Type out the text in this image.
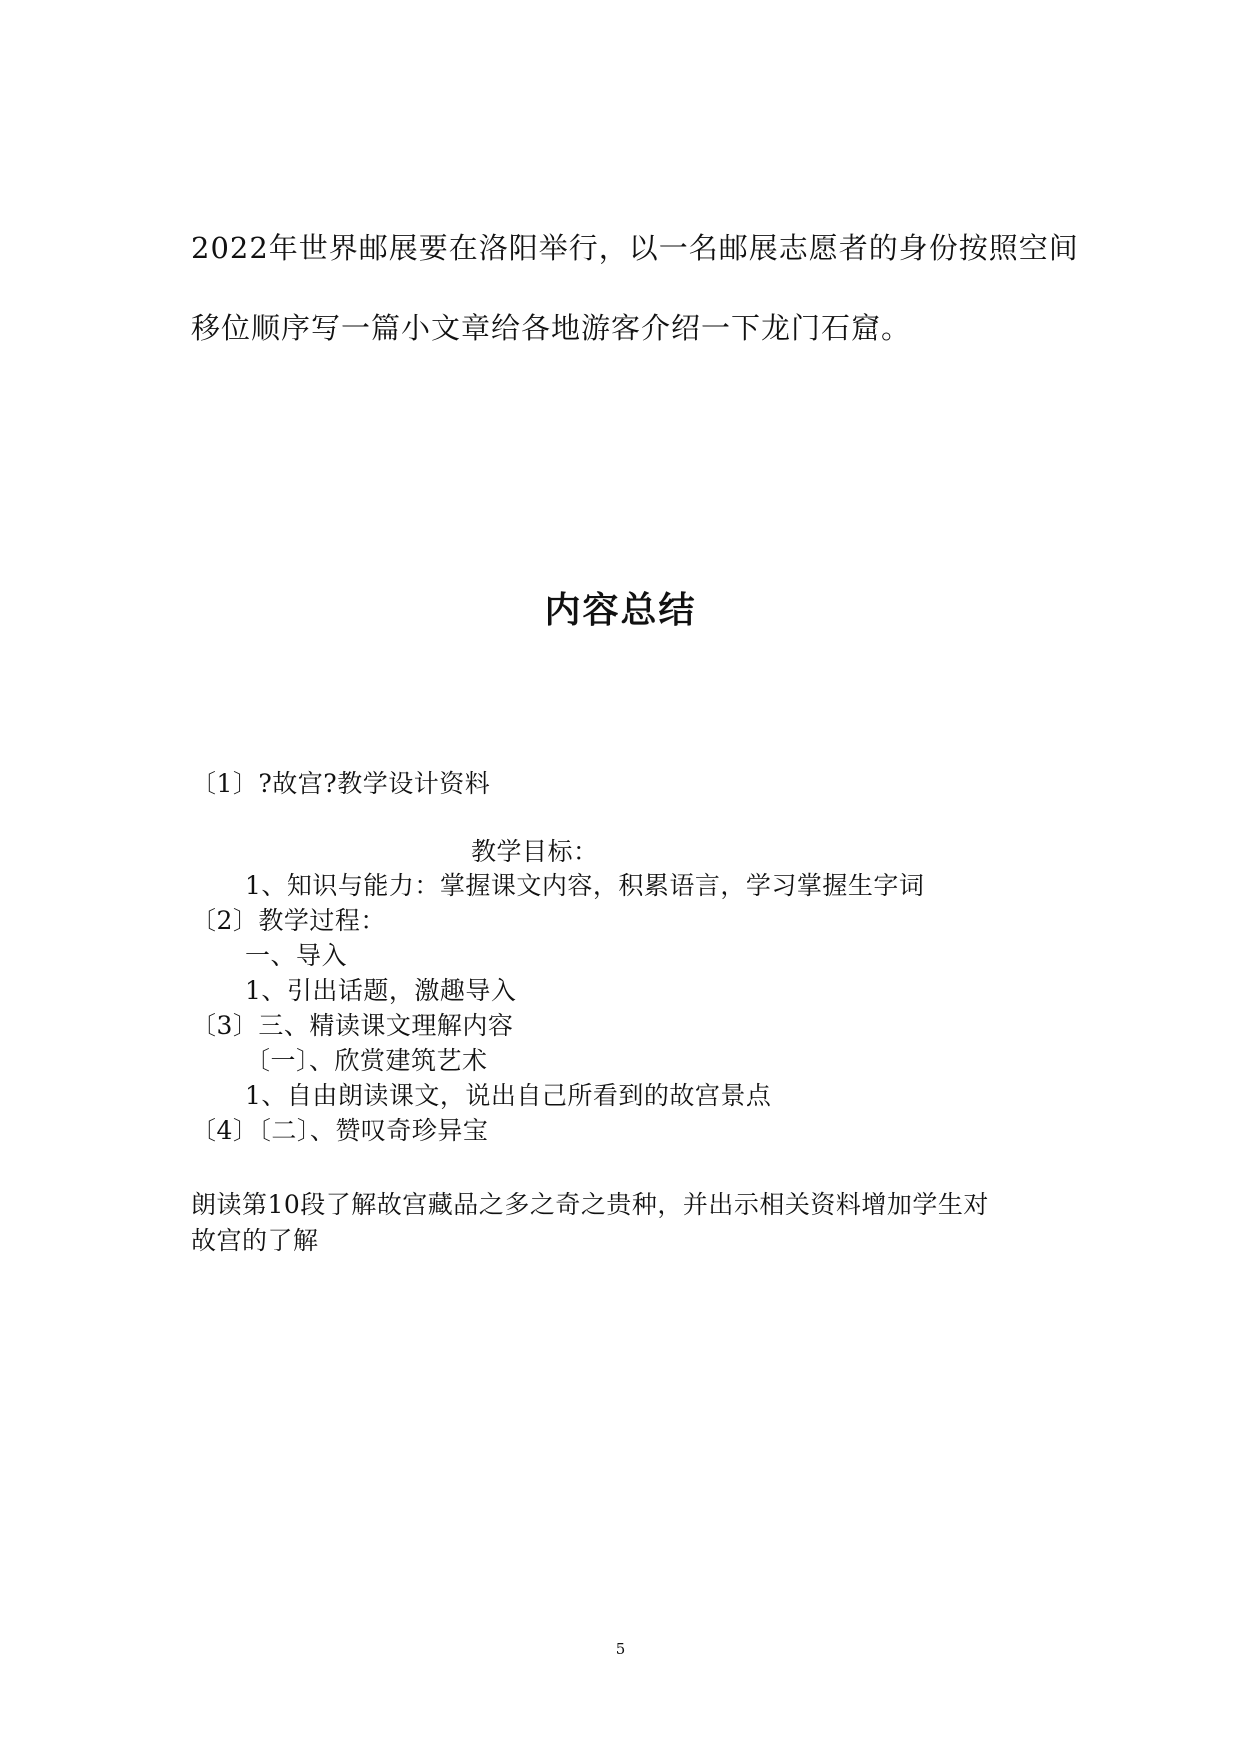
2022年世界邮展要在洛阳举行，以一名邮展志愿者的身份按照空间

移位顺序写一篇小文章给各地游客介绍一下龙门石窟。

内容总结

〔1〕?故宫?教学设计资料

教学目标：

1、知识与能力：掌握课文内容，积累语言，学习掌握生字词

〔2〕教学过程：

一、导入

1、引出话题，激趣导入

〔3〕三、精读课文理解内容

〔一〕、欣赏建筑艺术

1、自由朗读课文，说出自己所看到的故宫景点

〔4〕〔二〕、赞叹奇珍异宝

朗读第10段了解故宫藏品之多之奇之贵种，并出示相关资料增加学生对

故宫的了解

5
